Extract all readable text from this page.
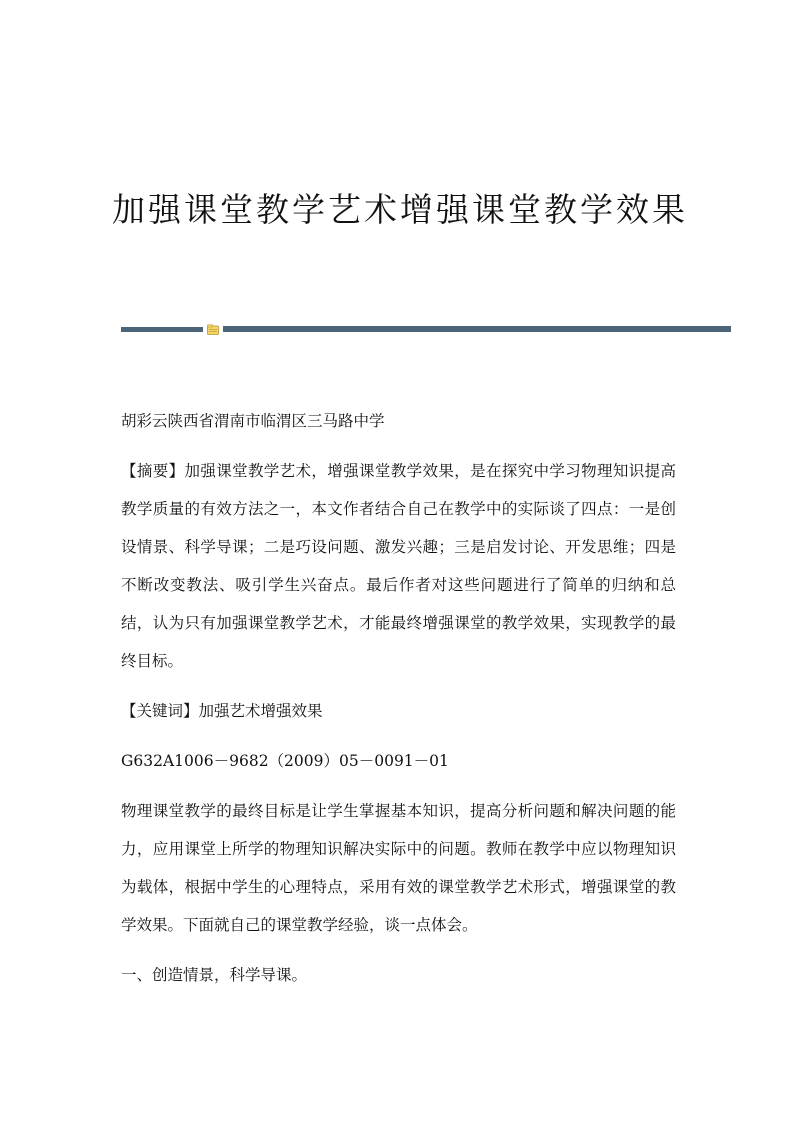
加强课堂教学艺术增强课堂教学效果

胡彩云陕西省渭南市临渭区三马路中学

【摘要】加强课堂教学艺术，增强课堂教学效果，是在探究中学习物理知识提高教学质量的有效方法之一，本文作者结合自己在教学中的实际谈了四点：一是创设情景、科学导课；二是巧设问题、激发兴趣；三是启发讨论、开发思维；四是不断改变教法、吸引学生兴奋点。最后作者对这些问题进行了简单的归纳和总结，认为只有加强课堂教学艺术，才能最终增强课堂的教学效果，实现教学的最终目标。

【关键词】加强艺术增强效果

G632A1006－9682（2009）05－0091－01

物理课堂教学的最终目标是让学生掌握基本知识，提高分析问题和解决问题的能力，应用课堂上所学的物理知识解决实际中的问题。教师在教学中应以物理知识为载体，根据中学生的心理特点，采用有效的课堂教学艺术形式，增强课堂的教学效果。下面就自己的课堂教学经验，谈一点体会。

一、创造情景，科学导课。
